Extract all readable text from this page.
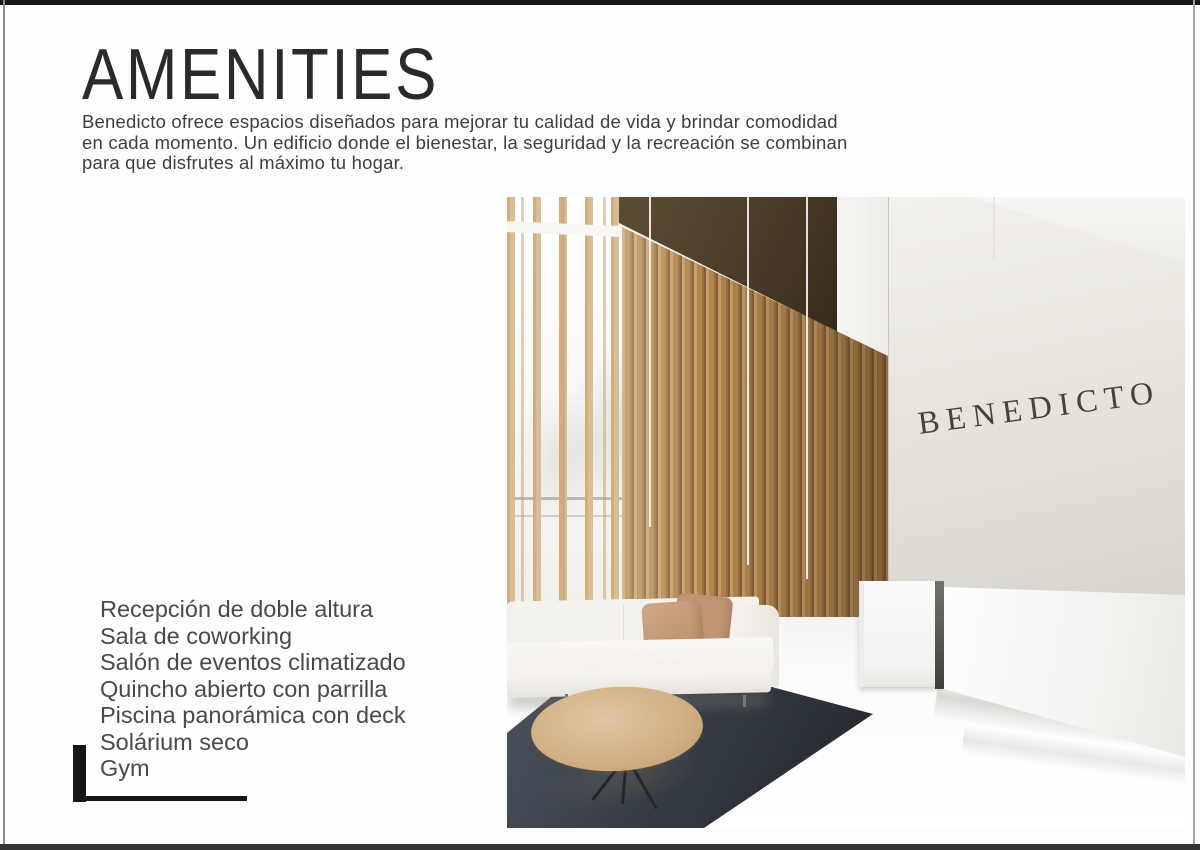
AMENITIES
Benedicto ofrece espacios diseñados para mejorar tu calidad de vida y brindar comodidad
en cada momento. Un edificio donde el bienestar, la seguridad y la recreación se combinan
para que disfrutes al máximo tu hogar.
Recepción de doble altura
Sala de coworking
Salón de eventos climatizado
Quincho abierto con parrilla
Piscina panorámica con deck
Solárium seco
Gym
BENEDICTO
